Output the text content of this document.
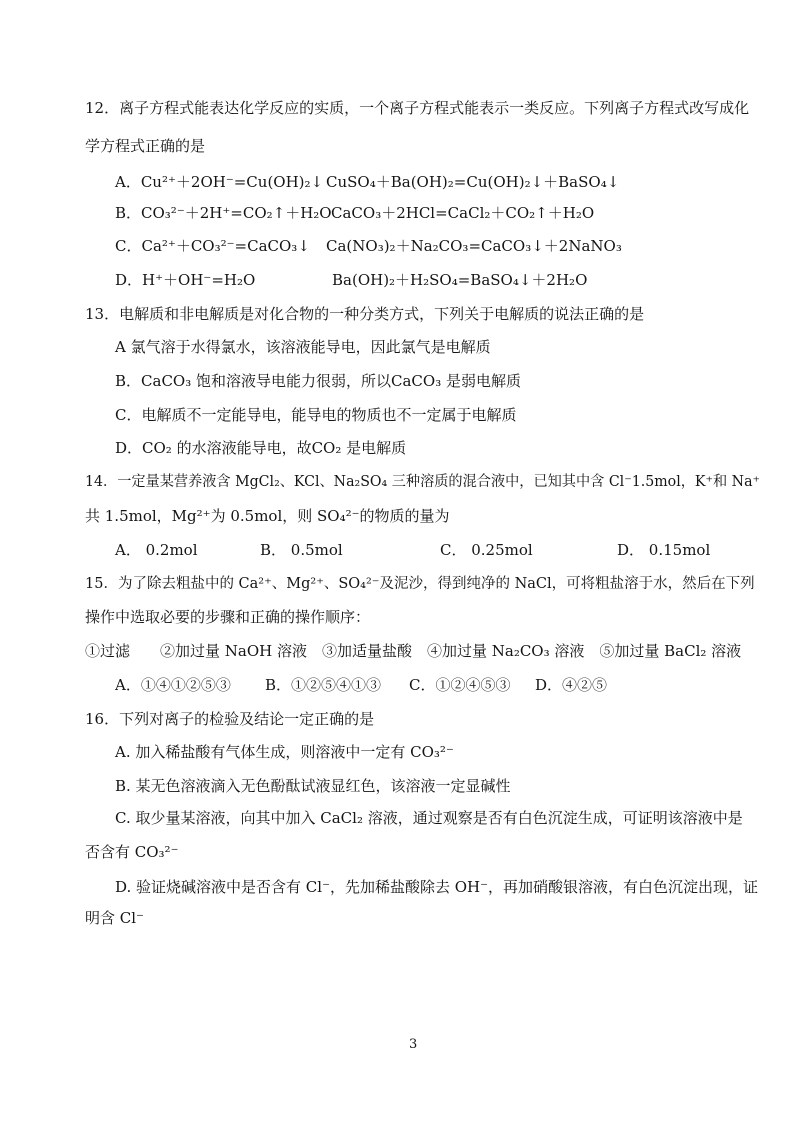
12．离子方程式能表达化学反应的实质，一个离子方程式能表示一类反应。下列离子方程式改写成化
学方程式正确的是
A．Cu²⁺＋2OH⁻=Cu(OH)₂↓ CuSO₄＋Ba(OH)₂=Cu(OH)₂↓＋BaSO₄↓
B．CO₃²⁻＋2H⁺=CO₂↑＋H₂O CaCO₃＋2HCl=CaCl₂＋CO₂↑＋H₂O
C．Ca²⁺＋CO₃²⁻=CaCO₃↓ Ca(NO₃)₂＋Na₂CO₃=CaCO₃↓＋2NaNO₃
D．H⁺＋OH⁻=H₂O	Ba(OH)₂＋H₂SO₄=BaSO₄↓＋2H₂O
13．电解质和非电解质是对化合物的一种分类方式，下列关于电解质的说法正确的是
A 氯气溶于水得氯水，该溶液能导电，因此氯气是电解质
B．CaCO₃ 饱和溶液导电能力很弱，所以CaCO₃ 是弱电解质
C．电解质不一定能导电，能导电的物质也不一定属于电解质
D．CO₂ 的水溶液能导电，故CO₂ 是电解质
14．一定量某营养液含 MgCl₂、KCl、Na₂SO₄ 三种溶质的混合液中，已知其中含 Cl⁻1.5mol，K⁺和 Na⁺
共 1.5mol，Mg²⁺为 0.5mol，则 SO₄²⁻的物质的量为
A． 0.2mol	B． 0.5mol	C． 0.25mol	D． 0.15mol
15．为了除去粗盐中的 Ca²⁺、Mg²⁺、SO₄²⁻及泥沙，得到纯净的 NaCl，可将粗盐溶于水，然后在下列
操作中选取必要的步骤和正确的操作顺序：
①过滤　　②加过量 NaOH 溶液　③加适量盐酸　④加过量 Na₂CO₃ 溶液　⑤加过量 BaCl₂ 溶液
A．①④①②⑤③ B．①②⑤④①③ C．①②④⑤③ D．④②⑤
16．下列对离子的检验及结论一定正确的是
A. 加入稀盐酸有气体生成，则溶液中一定有 CO₃²⁻
B. 某无色溶液滴入无色酚酞试液显红色，该溶液一定显碱性
C. 取少量某溶液，向其中加入 CaCl₂ 溶液，通过观察是否有白色沉淀生成，可证明该溶液中是
否含有 CO₃²⁻
D. 验证烧碱溶液中是否含有 Cl⁻，先加稀盐酸除去 OH⁻，再加硝酸银溶液，有白色沉淀出现，证
明含 Cl⁻
3
